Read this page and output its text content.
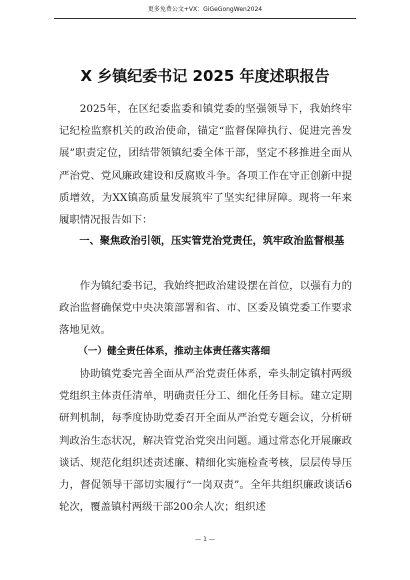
更多免费公文+VX：GiGeGongWen2024
X 乡镇纪委书记 2025 年度述职报告

2025年，在区纪委监委和镇党委的坚强领导下，我始终牢记纪检监察机关的政治使命，锚定“监督保障执行、促进完善发展”职责定位，团结带领镇纪委全体干部，坚定不移推进全面从严治党、党风廉政建设和反腐败斗争。各项工作在守正创新中提质增效，为XX镇高质量发展筑牢了坚实纪律屏障。现将一年来履职情况报告如下：

一、聚焦政治引领，压实管党治党责任，筑牢政治监督根基

作为镇纪委书记，我始终把政治建设摆在首位，以强有力的政治监督确保党中央决策部署和省、市、区委及镇党委工作要求落地见效。

（一）健全责任体系，推动主体责任落实落细

协助镇党委完善全面从严治党责任体系，牵头制定镇村两级党组织主体责任清单，明确责任分工、细化任务目标。建立定期研判机制，每季度协助党委召开全面从严治党专题会议，分析研判政治生态状况，解决管党治党突出问题。通过常态化开展廉政谈话、规范化组织述责述廉、精细化实施检查考核，层层传导压力，督促领导干部切实履行“一岗双责”。全年共组织廉政谈话6轮次，覆盖镇村两级干部200余人次；组织述

— 1 —
